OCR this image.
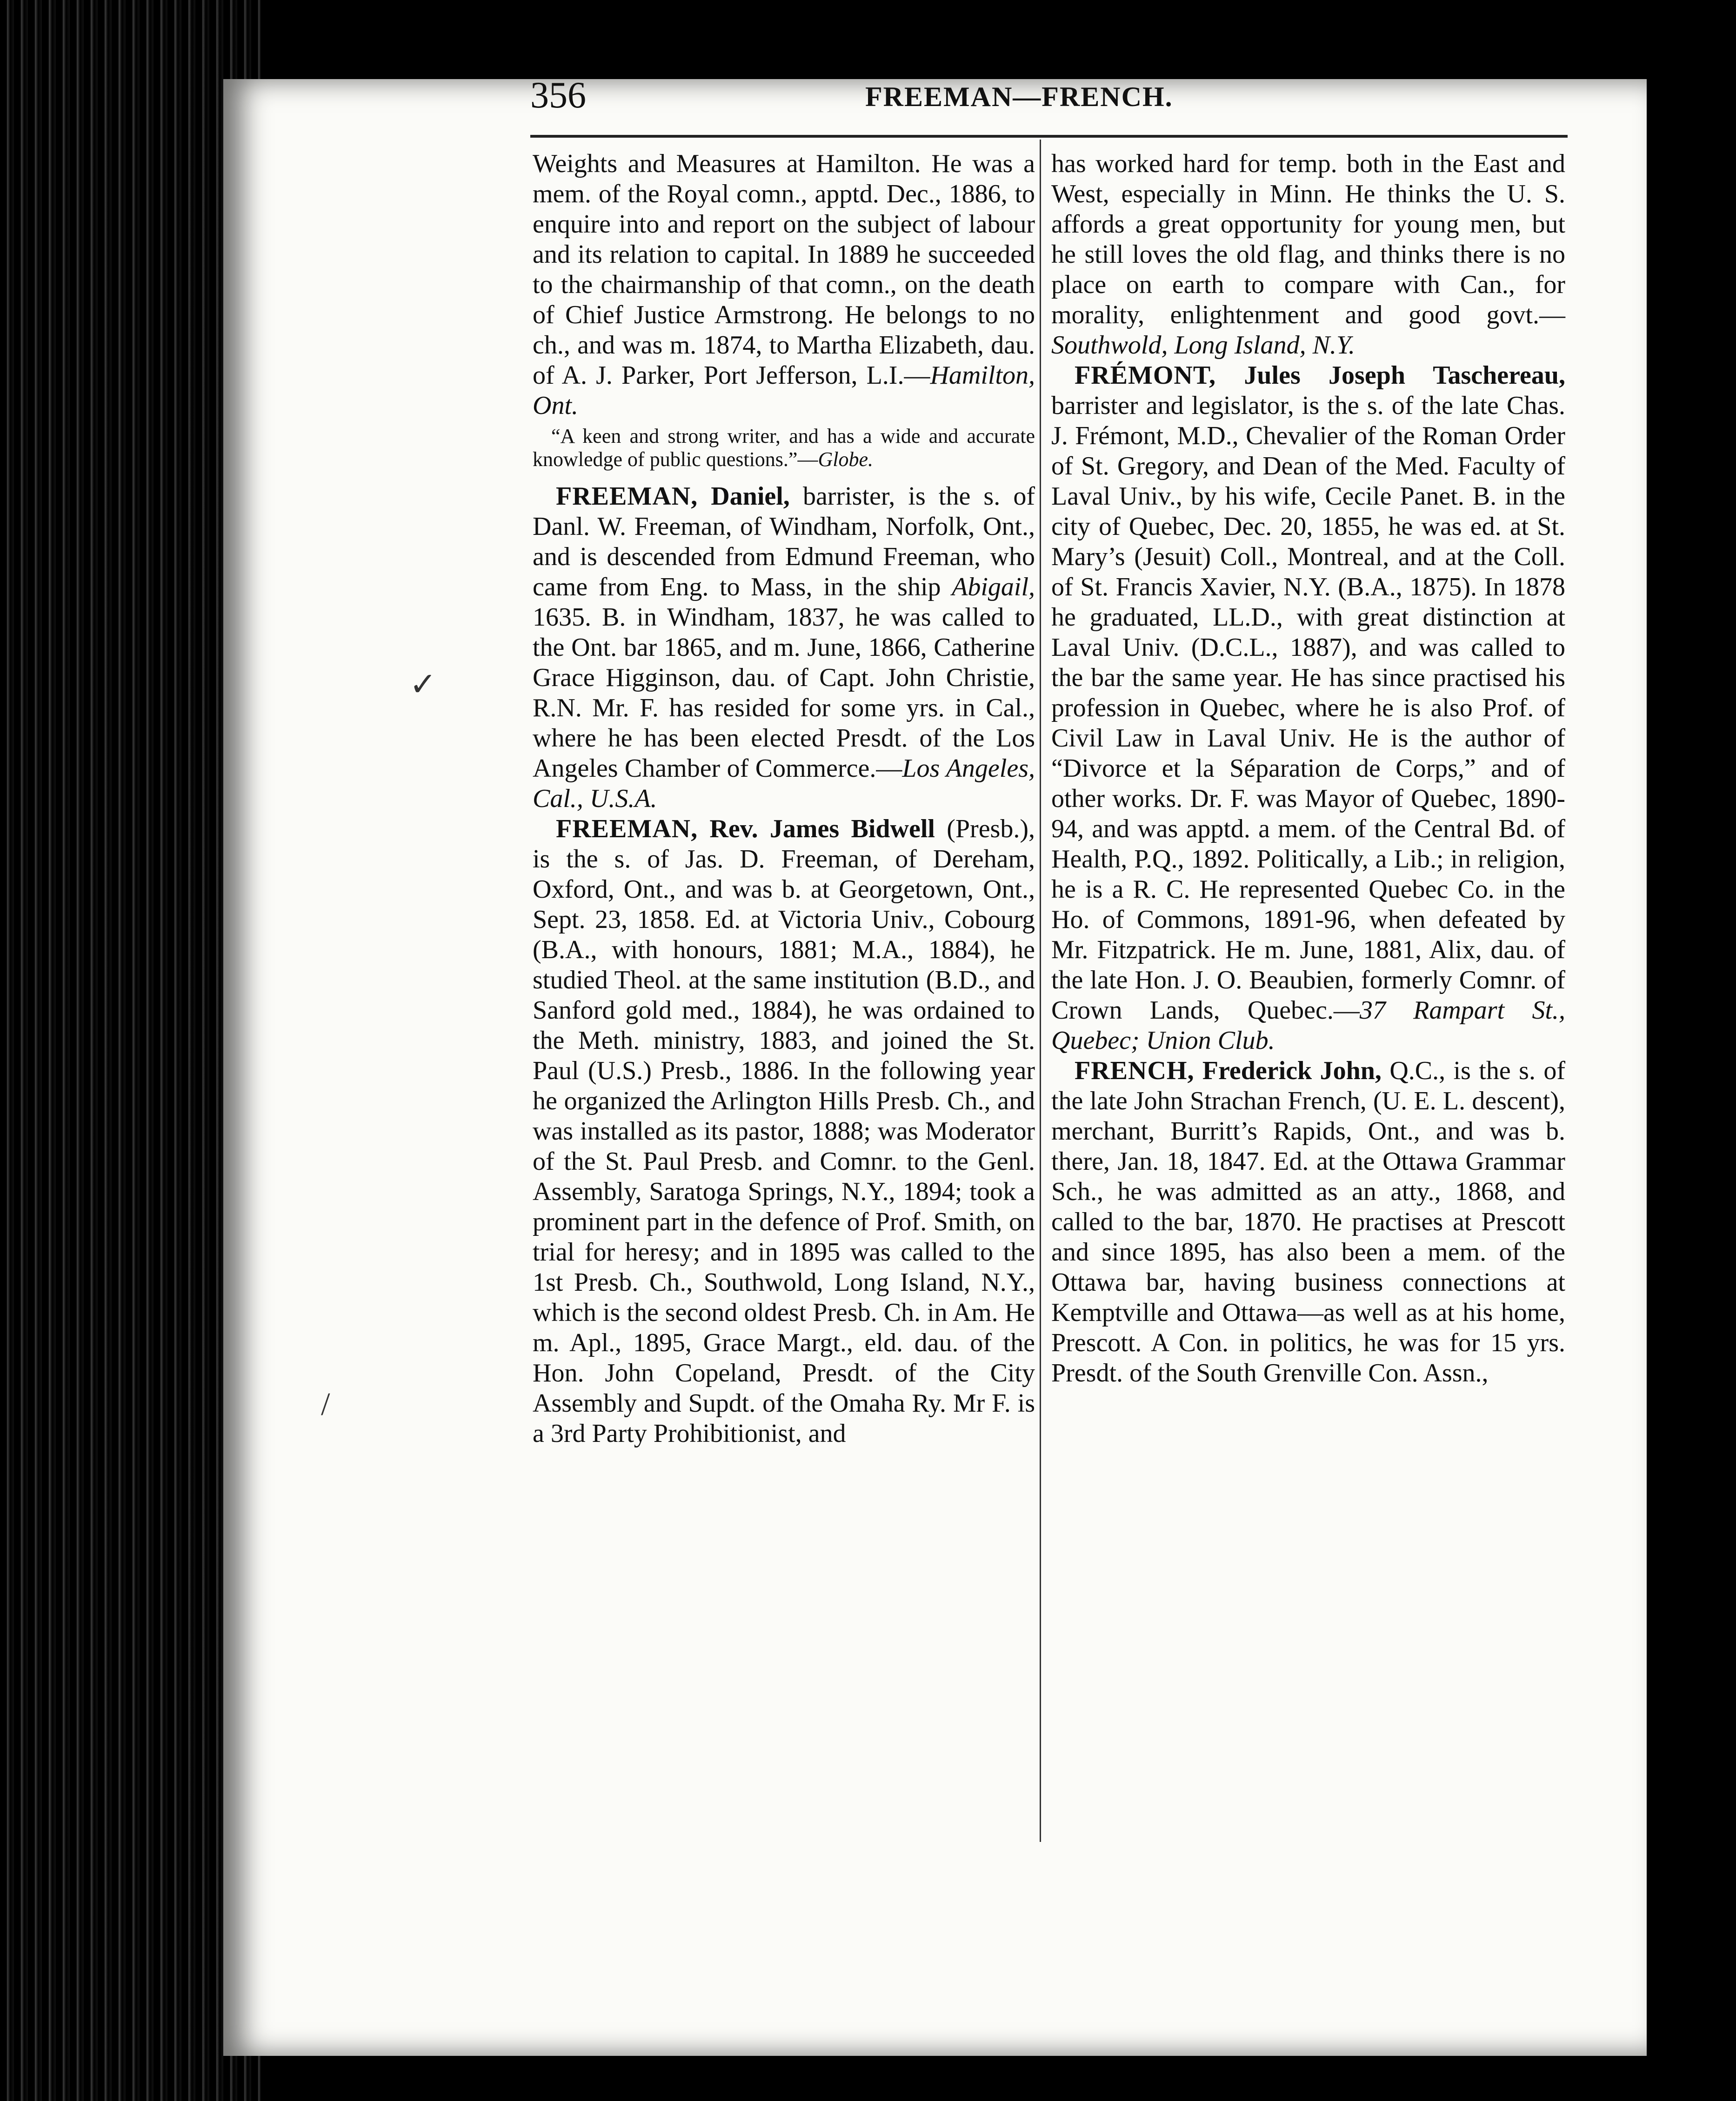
356	FREEMAN—FRENCH.

Weights and Measures at Hamilton. He was a mem. of the Royal comn., apptd. Dec., 1886, to enquire into and report on the subject of labour and its relation to capital. In 1889 he succeeded to the chairmanship of that comn., on the death of Chief Justice Armstrong. He belongs to no ch., and was m. 1874, to Martha Elizabeth, dau. of A. J. Parker, Port Jefferson, L.I.—Hamilton, Ont.

“A keen and strong writer, and has a wide and accurate knowledge of public questions.”—Globe.

FREEMAN, Daniel, barrister, is the s. of Danl. W. Freeman, of Windham, Norfolk, Ont., and is descended from Edmund Freeman, who came from Eng. to Mass, in the ship Abigail, 1635. B. in Windham, 1837, he was called to the Ont. bar 1865, and m. June, 1866, Catherine Grace Higginson, dau. of Capt. John Christie, R.N. Mr. F. has resided for some yrs. in Cal., where he has been elected Presdt. of the Los Angeles Chamber of Commerce.—Los Angeles, Cal., U.S.A.

FREEMAN, Rev. James Bidwell (Presb.), is the s. of Jas. D. Freeman, of Dereham, Oxford, Ont., and was b. at Georgetown, Ont., Sept. 23, 1858. Ed. at Victoria Univ., Cobourg (B.A., with honours, 1881; M.A., 1884), he studied Theol. at the same institution (B.D., and Sanford gold med., 1884), he was ordained to the Meth. ministry, 1883, and joined the St. Paul (U.S.) Presb., 1886. In the following year he organized the Arlington Hills Presb. Ch., and was installed as its pastor, 1888; was Moderator of the St. Paul Presb. and Comnr. to the Genl. Assembly, Saratoga Springs, N.Y., 1894; took a prominent part in the defence of Prof. Smith, on trial for heresy; and in 1895 was called to the 1st Presb. Ch., Southwold, Long Island, N.Y., which is the second oldest Presb. Ch. in Am. He m. Apl., 1895, Grace Margt., eld. dau. of the Hon. John Copeland, Presdt. of the City Assembly and Supdt. of the Omaha Ry. Mr F. is a 3rd Party Prohibitionist, and

has worked hard for temp. both in the East and West, especially in Minn. He thinks the U. S. affords a great opportunity for young men, but he still loves the old flag, and thinks there is no place on earth to compare with Can., for morality, enlightenment and good govt.—Southwold, Long Island, N.Y.

FRÉMONT, Jules Joseph Taschereau, barrister and legislator, is the s. of the late Chas. J. Frémont, M.D., Chevalier of the Roman Order of St. Gregory, and Dean of the Med. Faculty of Laval Univ., by his wife, Cecile Panet. B. in the city of Quebec, Dec. 20, 1855, he was ed. at St. Mary’s (Jesuit) Coll., Montreal, and at the Coll. of St. Francis Xavier, N.Y. (B.A., 1875). In 1878 he graduated, LL.D., with great distinction at Laval Univ. (D.C.L., 1887), and was called to the bar the same year. He has since practised his profession in Quebec, where he is also Prof. of Civil Law in Laval Univ. He is the author of “Divorce et la Séparation de Corps,” and of other works. Dr. F. was Mayor of Quebec, 1890-94, and was apptd. a mem. of the Central Bd. of Health, P.Q., 1892. Politically, a Lib.; in religion, he is a R. C. He represented Quebec Co. in the Ho. of Commons, 1891-96, when defeated by Mr. Fitzpatrick. He m. June, 1881, Alix, dau. of the late Hon. J. O. Beaubien, formerly Comnr. of Crown Lands, Quebec.—37 Rampart St., Quebec; Union Club.

FRENCH, Frederick John, Q.C., is the s. of the late John Strachan French, (U. E. L. descent), merchant, Burritt’s Rapids, Ont., and was b. there, Jan. 18, 1847. Ed. at the Ottawa Grammar Sch., he was admitted as an atty., 1868, and called to the bar, 1870. He practises at Prescott and since 1895, has also been a mem. of the Ottawa bar, having business connections at Kemptville and Ottawa—as well as at his home, Prescott. A Con. in politics, he was for 15 yrs. Presdt. of the South Grenville Con. Assn.,

✓
/
